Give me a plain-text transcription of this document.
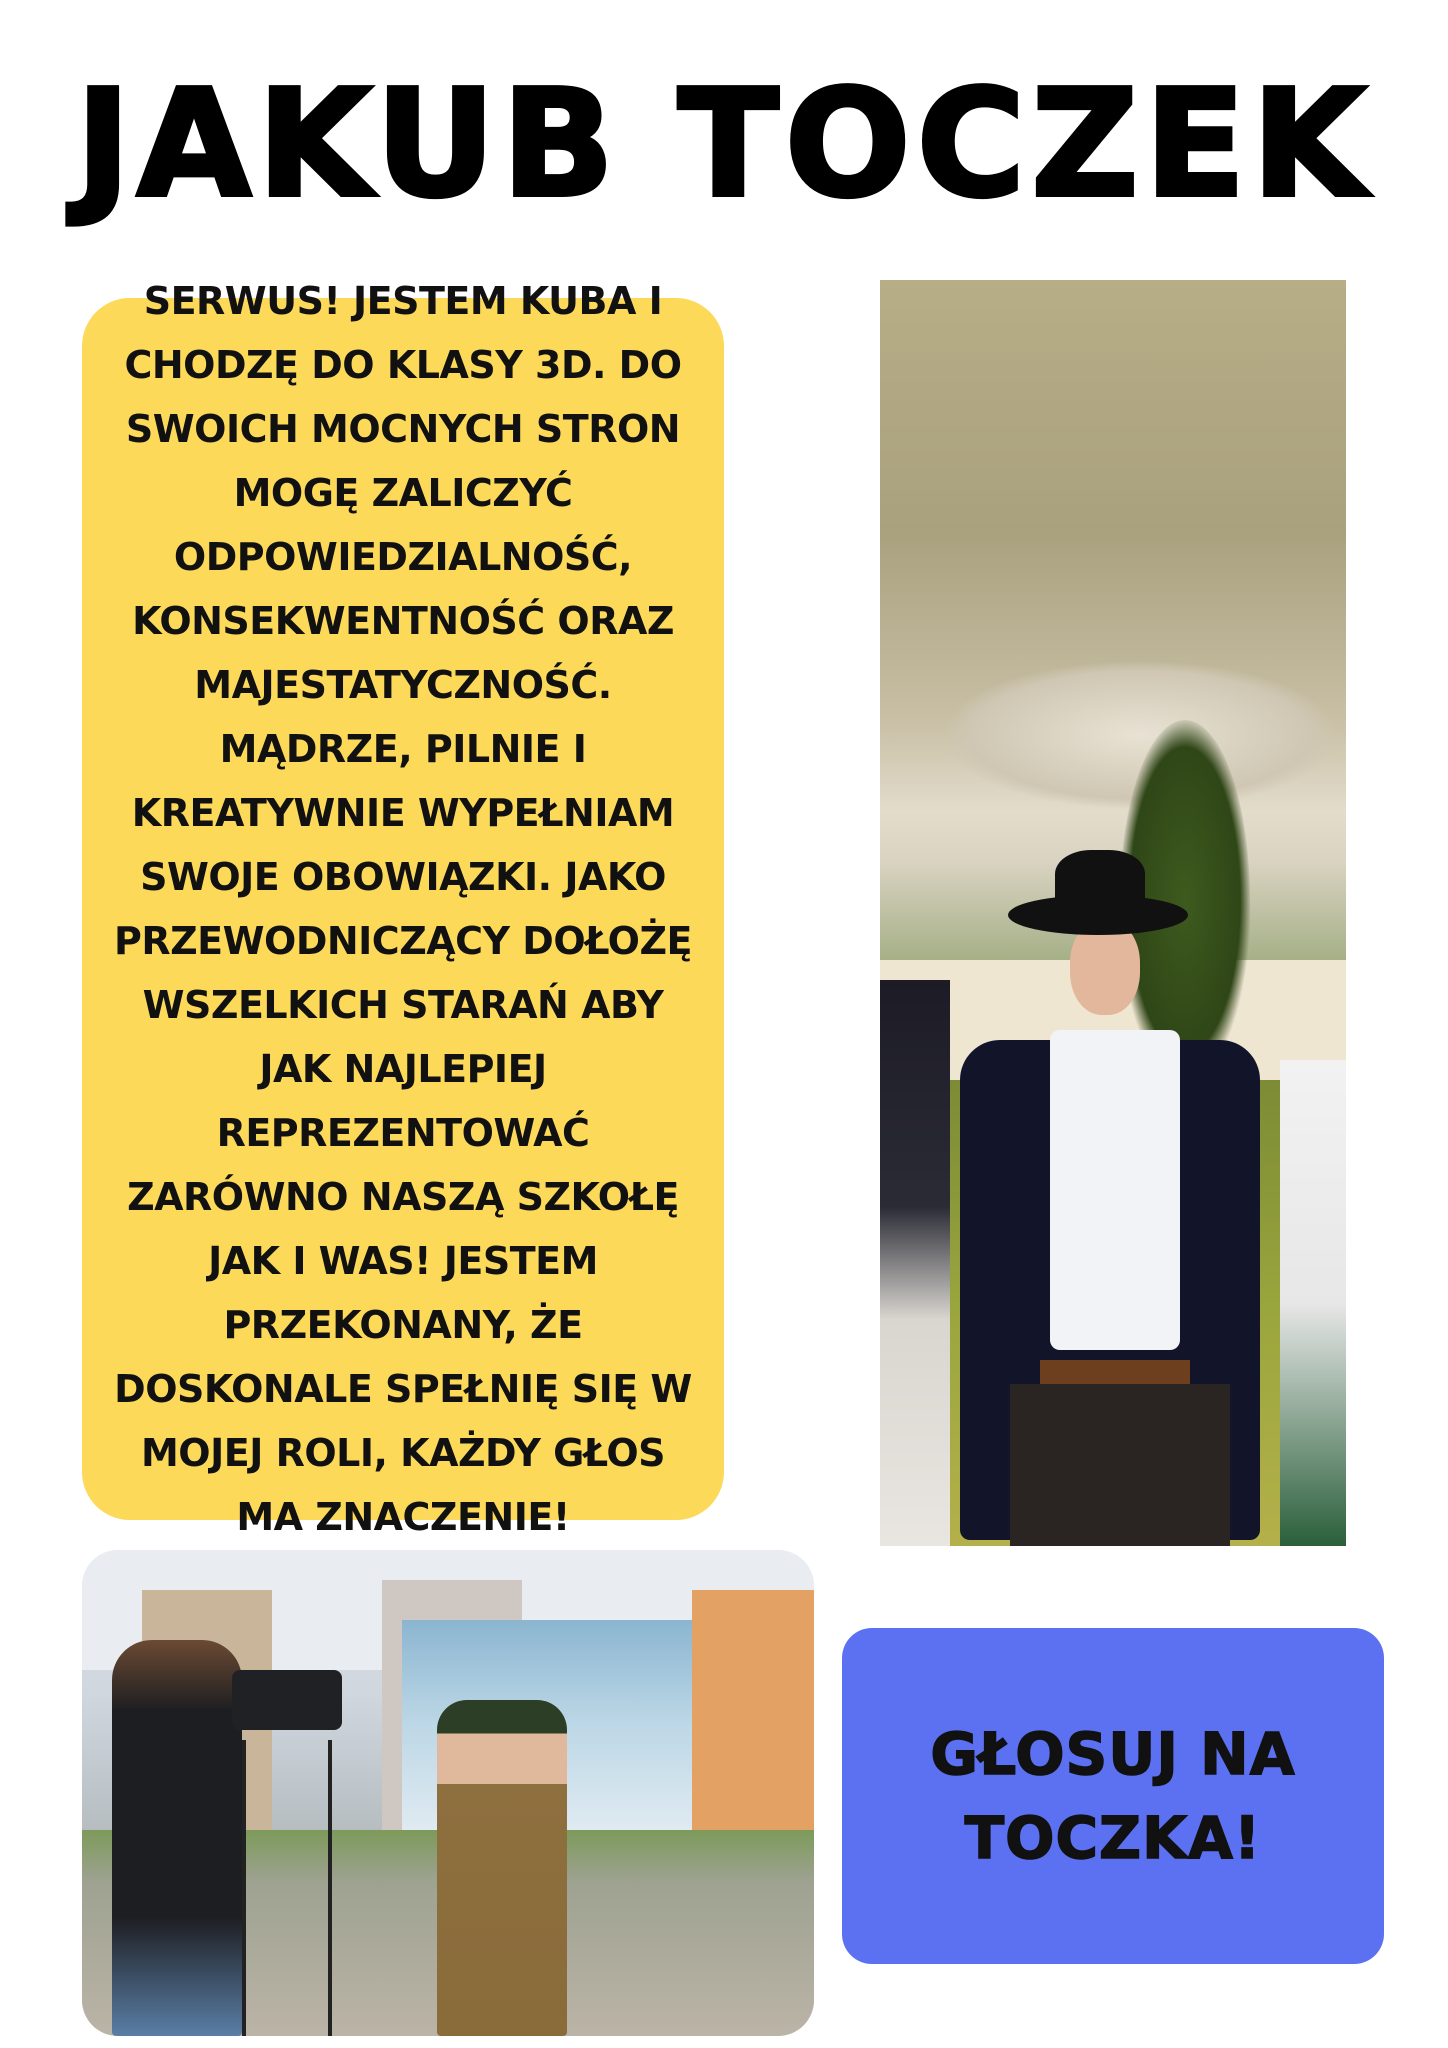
JAKUB TOCZEK

SERWUS! JESTEM KUBA I CHODZĘ DO KLASY 3D. DO SWOICH MOCNYCH STRON MOGĘ ZALICZYĆ ODPOWIEDZIALNOŚĆ, KONSEKWENTNOŚĆ ORAZ MAJESTATYCZNOŚĆ. MĄDRZE, PILNIE I KREATYWNIE WYPEŁNIAM SWOJE OBOWIĄZKI. JAKO PRZEWODNICZĄCY DOŁOŻĘ WSZELKICH STARAŃ ABY JAK NAJLEPIEJ REPREZENTOWAĆ ZARÓWNO NASZĄ SZKOŁĘ JAK I WAS! JESTEM PRZEKONANY, ŻE DOSKONALE SPEŁNIĘ SIĘ W MOJEJ ROLI, KAŻDY GŁOS MA ZNACZENIE!

GŁOSUJ NA TOCZKA!
